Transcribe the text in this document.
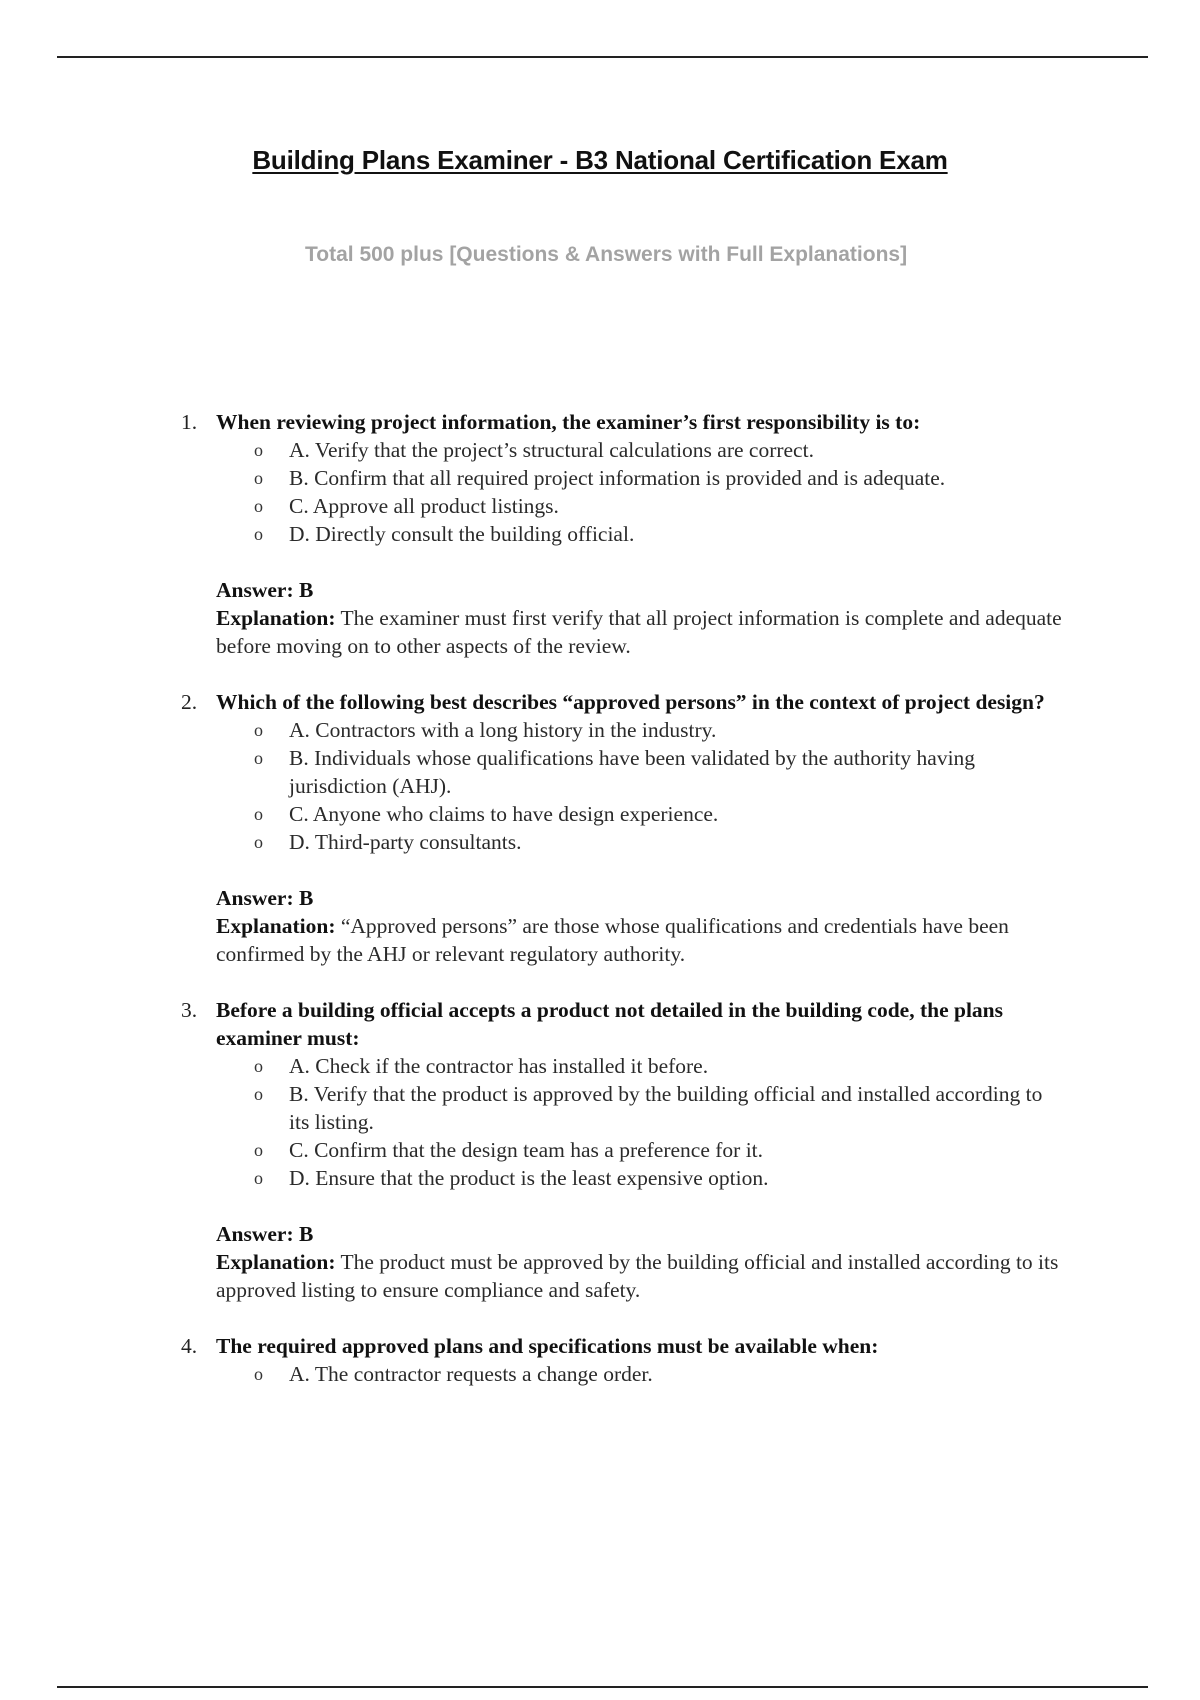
Building Plans Examiner - B3 National Certification Exam
Total 500 plus [Questions & Answers with Full Explanations]
1. When reviewing project information, the examiner’s first responsibility is to:
o A. Verify that the project’s structural calculations are correct.
o B. Confirm that all required project information is provided and is adequate.
o C. Approve all product listings.
o D. Directly consult the building official.
Answer: B
Explanation: The examiner must first verify that all project information is complete and adequate before moving on to other aspects of the review.
2. Which of the following best describes “approved persons” in the context of project design?
o A. Contractors with a long history in the industry.
o B. Individuals whose qualifications have been validated by the authority having jurisdiction (AHJ).
o C. Anyone who claims to have design experience.
o D. Third-party consultants.
Answer: B
Explanation: “Approved persons” are those whose qualifications and credentials have been confirmed by the AHJ or relevant regulatory authority.
3. Before a building official accepts a product not detailed in the building code, the plans examiner must:
o A. Check if the contractor has installed it before.
o B. Verify that the product is approved by the building official and installed according to its listing.
o C. Confirm that the design team has a preference for it.
o D. Ensure that the product is the least expensive option.
Answer: B
Explanation: The product must be approved by the building official and installed according to its approved listing to ensure compliance and safety.
4. The required approved plans and specifications must be available when:
o A. The contractor requests a change order.
